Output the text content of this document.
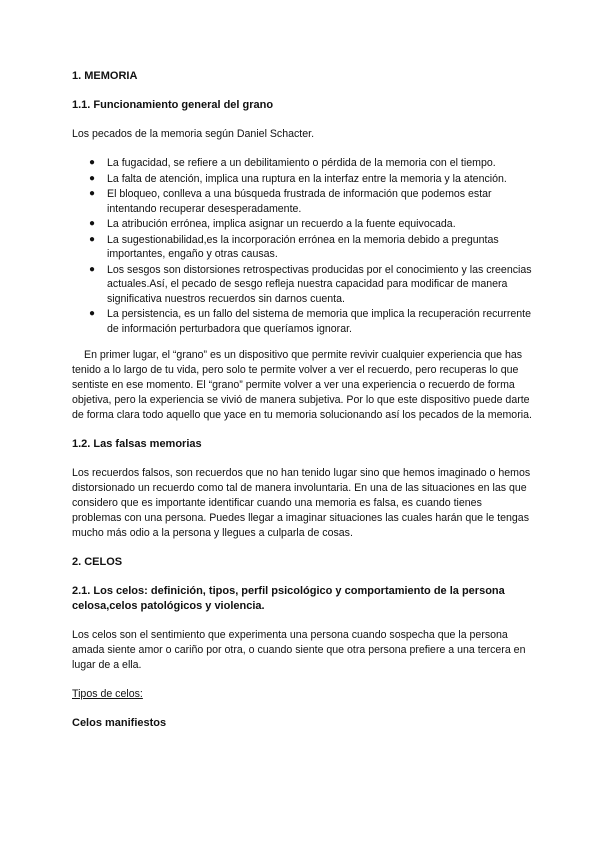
1. MEMORIA
1.1. Funcionamiento general del grano
Los pecados de la memoria según Daniel Schacter.
● La fugacidad, se refiere a un debilitamiento o pérdida de la memoria con el tiempo.
● La falta de atención, implica una ruptura en la interfaz entre la memoria y la atención.
● El bloqueo, conlleva a una búsqueda frustrada de información que podemos estar intentando recuperar desesperadamente.
● La atribución errónea, implica asignar un recuerdo a la fuente equivocada.
● La sugestionabilidad,es la incorporación errónea en la memoria debido a preguntas importantes, engaño y otras causas.
● Los sesgos son distorsiones retrospectivas producidas por el conocimiento y las creencias actuales.Así, el pecado de sesgo refleja nuestra capacidad para modificar de manera significativa nuestros recuerdos sin darnos cuenta.
● La persistencia, es un fallo del sistema de memoria que implica la recuperación recurrente de información perturbadora que queríamos ignorar.
En primer lugar, el “grano” es un dispositivo que permite revivir cualquier experiencia que has tenido a lo largo de tu vida, pero solo te permite volver a ver el recuerdo, pero recuperas lo que sentiste en ese momento. El “grano” permite volver a ver una experiencia o recuerdo de forma objetiva, pero la experiencia se vivió de manera subjetiva. Por lo que este dispositivo puede darte de forma clara todo aquello que yace en tu memoria solucionando así los pecados de la memoria.
1.2. Las falsas memorias
Los recuerdos falsos, son recuerdos que no han tenido lugar sino que hemos imaginado o hemos distorsionado un recuerdo como tal de manera involuntaria. En una de las situaciones en las que considero que es importante identificar cuando una memoria es falsa, es cuando tienes problemas con una persona. Puedes llegar a imaginar situaciones las cuales harán que le tengas mucho más odio a la persona y llegues a culparla de cosas.
2. CELOS
2.1. Los celos: definición, tipos, perfil psicológico y comportamiento de la persona celosa,celos patológicos y violencia.
Los celos son el sentimiento que experimenta una persona cuando sospecha que la persona amada siente amor o cariño por otra, o cuando siente que otra persona prefiere a una tercera en lugar de a ella.
Tipos de celos:
Celos manifiestos
